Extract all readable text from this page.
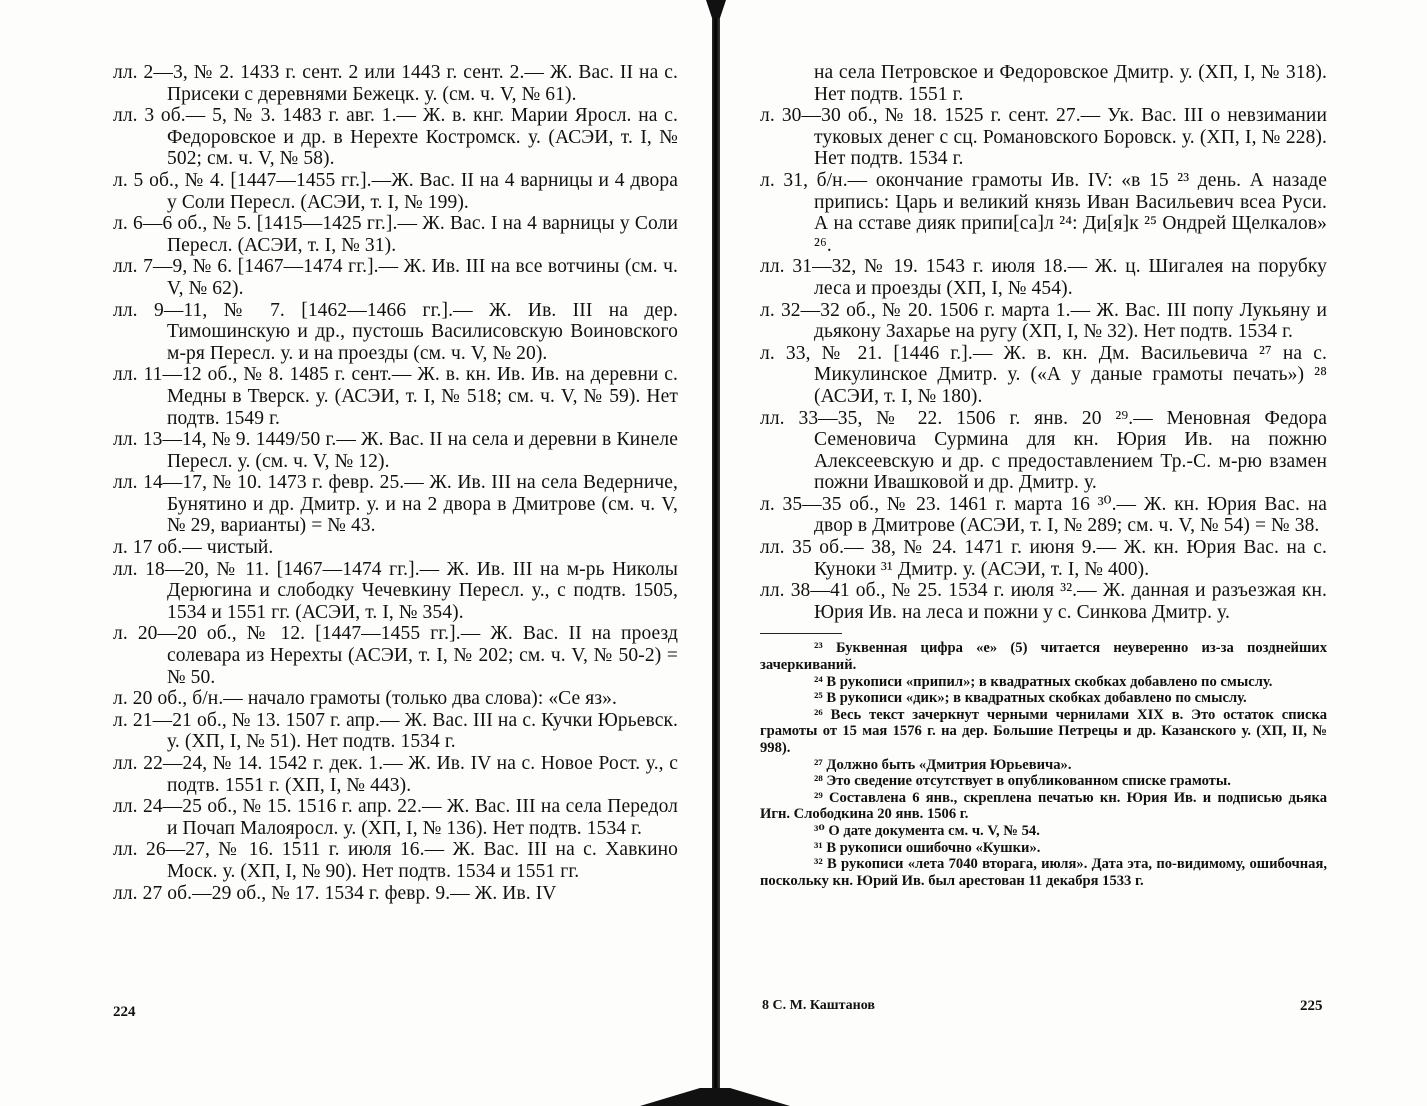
лл. 2—3, № 2. 1433 г. сент. 2 или 1443 г. сент. 2.— Ж. Вас. II на с. Присеки с деревнями Бежецк. у. (см. ч. V, № 61).
лл. 3 об.— 5, № 3. 1483 г. авг. 1.— Ж. в. кнг. Марии Яросл. на с. Федоровское и др. в Нерехте Костромск. у. (АСЭИ, т. I, № 502; см. ч. V, № 58).
л. 5 об., № 4. [1447—1455 гг.].—Ж. Вас. II на 4 варницы и 4 двора у Соли Пересл. (АСЭИ, т. I, № 199).
л. 6—6 об., № 5. [1415—1425 гг.].— Ж. Вас. I на 4 варницы у Соли Пересл. (АСЭИ, т. I, № 31).
лл. 7—9, № 6. [1467—1474 гг.].— Ж. Ив. III на все вотчины (см. ч. V, № 62).
лл. 9—11, № 7. [1462—1466 гг.].— Ж. Ив. III на дер. Тимошинскую и др., пустошь Василисовскую Воиновского м-ря Пересл. у. и на проезды (см. ч. V, № 20).
лл. 11—12 об., № 8. 1485 г. сент.— Ж. в. кн. Ив. Ив. на деревни с. Медны в Тверск. у. (АСЭИ, т. I, № 518; см. ч. V, № 59). Нет подтв. 1549 г.
лл. 13—14, № 9. 1449/50 г.— Ж. Вас. II на села и деревни в Кинеле Пересл. у. (см. ч. V, № 12).
лл. 14—17, № 10. 1473 г. февр. 25.— Ж. Ив. III на села Ведерниче, Бунятино и др. Дмитр. у. и на 2 двора в Дмитрове (см. ч. V, № 29, варианты) = № 43.
л. 17 об.— чистый.
лл. 18—20, № 11. [1467—1474 гг.].— Ж. Ив. III на м-рь Николы Дерюгина и слободку Чечевкину Пересл. у., с подтв. 1505, 1534 и 1551 гг. (АСЭИ, т. I, № 354).
л. 20—20 об., № 12. [1447—1455 гг.].— Ж. Вас. II на проезд солевара из Нерехты (АСЭИ, т. I, № 202; см. ч. V, № 50-2) = № 50.
л. 20 об., б/н.— начало грамоты (только два слова): «Се яз».
л. 21—21 об., № 13. 1507 г. апр.— Ж. Вас. III на с. Кучки Юрьевск. у. (ХП, I, № 51). Нет подтв. 1534 г.
лл. 22—24, № 14. 1542 г. дек. 1.— Ж. Ив. IV на с. Новое Рост. у., с подтв. 1551 г. (ХП, I, № 443).
лл. 24—25 об., № 15. 1516 г. апр. 22.— Ж. Вас. III на села Передол и Почап Малояросл. у. (ХП, I, № 136). Нет подтв. 1534 г.
лл. 26—27, № 16. 1511 г. июля 16.— Ж. Вас. III на с. Хавкино Моск. у. (ХП, I, № 90). Нет подтв. 1534 и 1551 гг.
лл. 27 об.—29 об., № 17. 1534 г. февр. 9.— Ж. Ив. IV
224
на села Петровское и Федоровское Дмитр. у. (ХП, I, № 318). Нет подтв. 1551 г.
л. 30—30 об., № 18. 1525 г. сент. 27.— Ук. Вас. III о невзимании туковых денег с сц. Романовского Боровск. у. (ХП, I, № 228). Нет подтв. 1534 г.
л. 31, б/н.— окончание грамоты Ив. IV: «в 15 ²³ день. А назаде припись: Царь и великий князь Иван Васильевич всеа Руси. А на сставе дияк припи[са]л ²⁴: Ди[я]к ²⁵ Ондрей Щелкалов» ²⁶.
лл. 31—32, № 19. 1543 г. июля 18.— Ж. ц. Шигалея на порубку леса и проезды (ХП, I, № 454).
л. 32—32 об., № 20. 1506 г. марта 1.— Ж. Вас. III попу Лукьяну и дьякону Захарье на ругу (ХП, I, № 32). Нет подтв. 1534 г.
л. 33, № 21. [1446 г.].— Ж. в. кн. Дм. Васильевича ²⁷ на с. Микулинское Дмитр. у. («А у даные грамоты печать») ²⁸ (АСЭИ, т. I, № 180).
лл. 33—35, № 22. 1506 г. янв. 20 ²⁹.— Меновная Федора Семеновича Сурмина для кн. Юрия Ив. на пожню Алексеевскую и др. с предоставлением Тр.-С. м-рю взамен пожни Ивашковой и др. Дмитр. у.
л. 35—35 об., № 23. 1461 г. марта 16 ³⁰.— Ж. кн. Юрия Вас. на двор в Дмитрове (АСЭИ, т. I, № 289; см. ч. V, № 54) = № 38.
лл. 35 об.— 38, № 24. 1471 г. июня 9.— Ж. кн. Юрия Вас. на с. Куноки ³¹ Дмитр. у. (АСЭИ, т. I, № 400).
лл. 38—41 об., № 25. 1534 г. июля ³².— Ж. данная и разъезжая кн. Юрия Ив. на леса и пожни у с. Синкова Дмитр. у.
²³ Буквенная цифра «е» (5) читается неуверенно из-за позднейших зачеркиваний.
²⁴ В рукописи «припил»; в квадратных скобках добавлено по смыслу.
²⁵ В рукописи «дик»; в квадратных скобках добавлено по смыслу.
²⁶ Весь текст зачеркнут черными чернилами XIX в. Это остаток списка грамоты от 15 мая 1576 г. на дер. Большие Петрецы и др. Казанского у. (ХП, II, № 998).
²⁷ Должно быть «Дмитрия Юрьевича».
²⁸ Это сведение отсутствует в опубликованном списке грамоты.
²⁹ Составлена 6 янв., скреплена печатью кн. Юрия Ив. и подписью дьяка Игн. Слободкина 20 янв. 1506 г.
³⁰ О дате документа см. ч. V, № 54.
³¹ В рукописи ошибочно «Кушки».
³² В рукописи «лета 7040 вторага, июля». Дата эта, по-видимому, ошибочная, поскольку кн. Юрий Ив. был арестован 11 декабря 1533 г.
8 С. М. Каштанов	225
